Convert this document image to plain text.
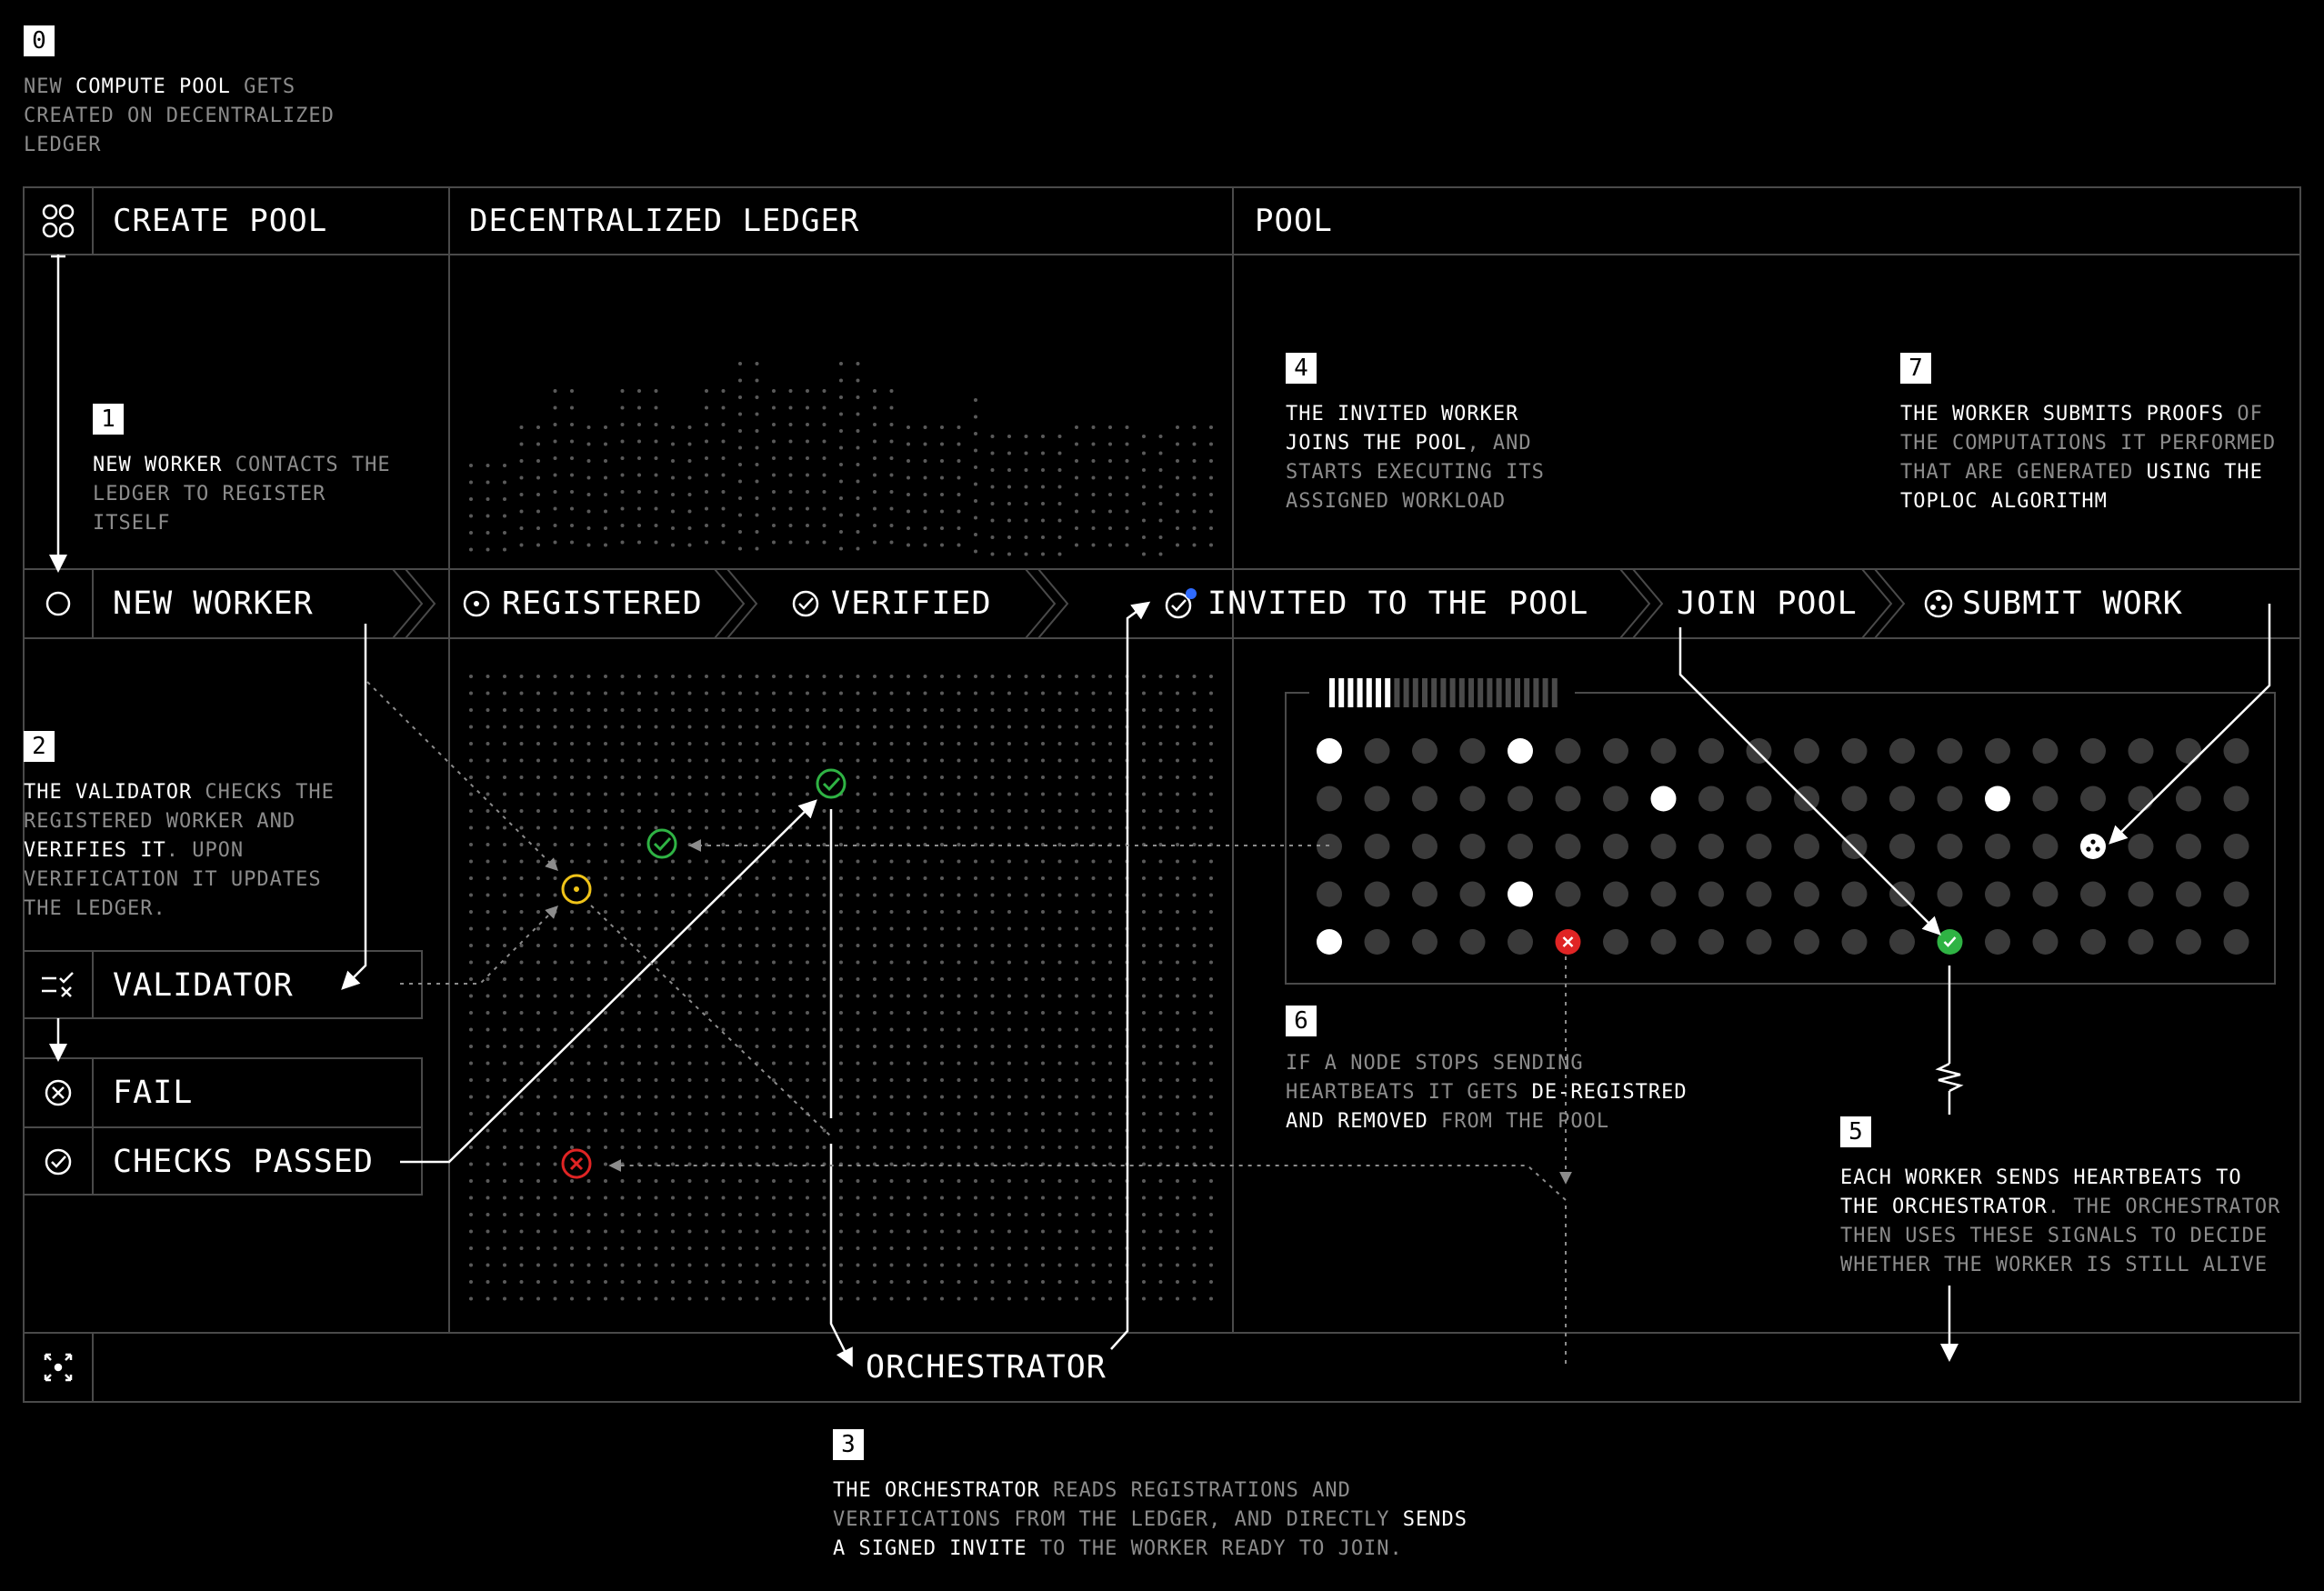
0
NEW COMPUTE POOL GETS
CREATED ON DECENTRALIZED
LEDGER
1
NEW WORKER CONTACTS THE
LEDGER TO REGISTER
ITSELF
2
THE VALIDATOR CHECKS THE
REGISTERED WORKER AND
VERIFIES IT. UPON
VERIFICATION IT UPDATES
THE LEDGER.
3
THE ORCHESTRATOR READS REGISTRATIONS AND
VERIFICATIONS FROM THE LEDGER, AND DIRECTLY SENDS
A SIGNED INVITE TO THE WORKER READY TO JOIN.
4
THE INVITED WORKER
JOINS THE POOL, AND
STARTS EXECUTING ITS
ASSIGNED WORKLOAD
5
EACH WORKER SENDS HEARTBEATS TO
THE ORCHESTRATOR. THE ORCHESTRATOR
THEN USES THESE SIGNALS TO DECIDE
WHETHER THE WORKER IS STILL ALIVE
6
IF A NODE STOPS SENDING
HEARTBEATS IT GETS DE-REGISTRED
AND REMOVED FROM THE POOL
7
THE WORKER SUBMITS PROOFS OF
THE COMPUTATIONS IT PERFORMED
THAT ARE GENERATED USING THE
TOPLOC ALGORITHM
CREATE POOL	DECENTRALIZED LEDGER	POOL
NEW WORKER	REGISTERED	VERIFIED	INVITED TO THE POOL	JOIN POOL	SUBMIT WORK
VALIDATOR
FAIL
CHECKS PASSED
ORCHESTRATOR
